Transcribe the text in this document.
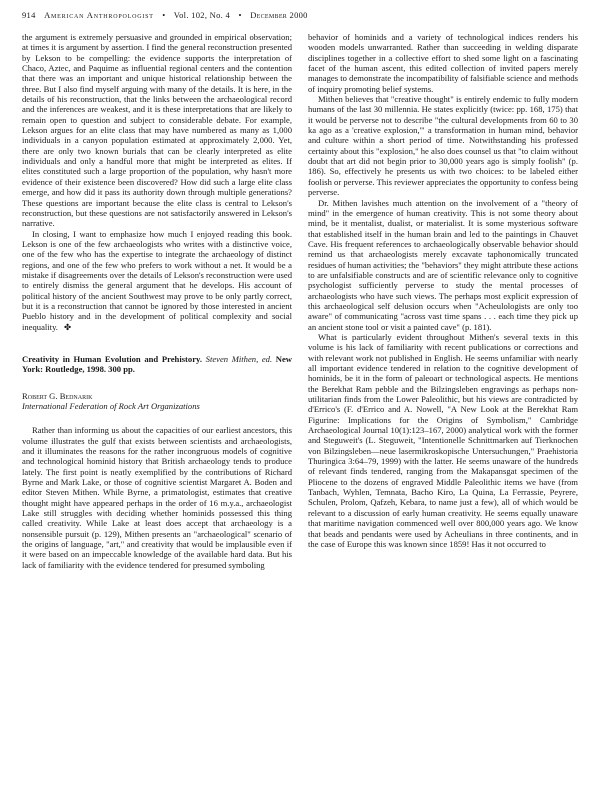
914 American Anthropologist • Vol. 102, No. 4 • December 2000

the argument is extremely persuasive and grounded in empirical observation; at times it is argument by assertion. I find the general reconstruction presented by Lekson to be compelling: the evidence supports the interpretation of Chaco, Aztec, and Paquime as influential regional centers and the contention that there was an important and unique historical relationship between the three. But I also find myself arguing with many of the details. It is here, in the details of his reconstruction, that the links between the archaeological record and the inferences are weakest, and it is these interpretations that are likely to remain open to question and subject to considerable debate. For example, Lekson argues for an elite class that may have numbered as many as 1,000 individuals in a canyon population estimated at approximately 2,000. Yet, there are only two known burials that can be clearly interpreted as elite individuals and only a handful more that might be interpreted as elites. If elites constituted such a large proportion of the population, why hasn't more evidence of their existence been discovered? How did such a large elite class emerge, and how did it pass its authority down through multiple generations? These questions are important because the elite class is central to Lekson's reconstruction, but these questions are not satisfactorily answered in Lekson's narrative.

In closing, I want to emphasize how much I enjoyed reading this book. Lekson is one of the few archaeologists who writes with a distinctive voice, one of the few who has the expertise to integrate the archaeology of distinct regions, and one of the few who prefers to work without a net. It would be a mistake if disagreements over the details of Lekson's reconstruction were used to entirely dismiss the general argument that he develops. His account of political history of the ancient Southwest may prove to be only partly correct, but it is a reconstruction that cannot be ignored by those interested in ancient Pueblo history and in the development of political complexity and social inequality. ✤

Creativity in Human Evolution and Prehistory. Steven Mithen, ed. New York: Routledge, 1998. 300 pp.

Robert G. Bednarik

International Federation of Rock Art Organizations

Rather than informing us about the capacities of our earliest ancestors, this volume illustrates the gulf that exists between scientists and archaeologists, and it illuminates the reasons for the rather incongruous models of cognitive and technological hominid history that British archaeology tends to produce lately. The first point is neatly exemplified by the contributions of Richard Byrne and Mark Lake, or those of cognitive scientist Margaret A. Boden and editor Steven Mithen. While Byrne, a primatologist, estimates that creative thought might have appeared perhaps in the order of 16 m.y.a., archaeologist Lake still struggles with deciding whether hominids possessed this thing called creativity. While Lake at least does accept that archaeology is a nonsensible pursuit (p. 129), Mithen presents an "archaeological" scenario of the origins of language, "art," and creativity that would be implausible even if it were based on an impeccable knowledge of the available hard data. But his lack of familiarity with the evidence tendered for presumed symboling

behavior of hominids and a variety of technological indices renders his wooden models unwarranted. Rather than succeeding in welding disparate disciplines together in a collective effort to shed some light on a fascinating facet of the human ascent, this edited collection of invited papers merely manages to demonstrate the incompatibility of falsifiable science and methods of inquiry promoting belief systems.

Mithen believes that "creative thought" is entirely endemic to fully modern humans of the last 30 millennia. He states explicitly (twice: pp. 168, 175) that it would be perverse not to describe "the cultural developments from 60 to 30 ka ago as a 'creative explosion,'" a transformation in human mind, behavior and culture within a short period of time. Notwithstanding his professed certainty about this "explosion," he also does counsel us that "to claim without doubt that art did not begin prior to 30,000 years ago is simply foolish" (p. 186). So, effectively he presents us with two choices: to be labeled either foolish or perverse. This reviewer appreciates the opportunity to confess being perverse.

Dr. Mithen lavishes much attention on the involvement of a "theory of mind" in the emergence of human creativity. This is not some theory about mind, be it mentalist, dualist, or materialist. It is some mysterious software that established itself in the human brain and led to the paintings in Chauvet Cave. His frequent references to archaeologically observable behavior should remind us that archaeologists merely excavate taphonomically truncated residues of human activities; the "behaviors" they might attribute these actions to are unfalsifiable constructs and are of scientific relevance only to cognitive psychologist sufficiently perverse to study the mental processes of archaeologists who have such views. The perhaps most explicit expression of this archaeological self delusion occurs when "Acheulologists are only too aware" of communicating "across vast time spans . . . each time they pick up an ancient stone tool or visit a painted cave" (p. 181).

What is particularly evident throughout Mithen's several texts in this volume is his lack of familiarity with recent publications or corrections and with relevant work not published in English. He seems unfamiliar with nearly all important evidence tendered in relation to the cognitive development of hominids, be it in the form of paleoart or technological aspects. He mentions the Berekhat Ram pebble and the Bilzingsleben engravings as perhaps non-utilitarian finds from the Lower Paleolithic, but his views are contradicted by d'Errico's (F. d'Errico and A. Nowell, "A New Look at the Berekhat Ram Figurine: Implications for the Origins of Symbolism," Cambridge Archaeological Journal 10(1):123–167, 2000) analytical work with the former and Steguweit's (L. Steguweit, "Intentionelle Schnittmarken auf Tierknochen von Bilzingsleben—neue lasermikroskopische Untersuchungen," Praehistoria Thuringica 3:64–79, 1999) with the latter. He seems unaware of the hundreds of relevant finds tendered, ranging from the Makapansgat specimen of the Pliocene to the dozens of engraved Middle Paleolithic items we have (from Tanbach, Wyhlen, Temnata, Bacho Kiro, La Quina, La Ferrassie, Peyrere, Schulen, Prolom, Qafzeh, Kebara, to name just a few), all of which would be relevant to a discussion of early human creativity. He seems equally unaware that maritime navigation commenced well over 800,000 years ago. We know that beads and pendants were used by Acheulians in three continents, and in the case of Europe this was known since 1859! Has it not occurred to
